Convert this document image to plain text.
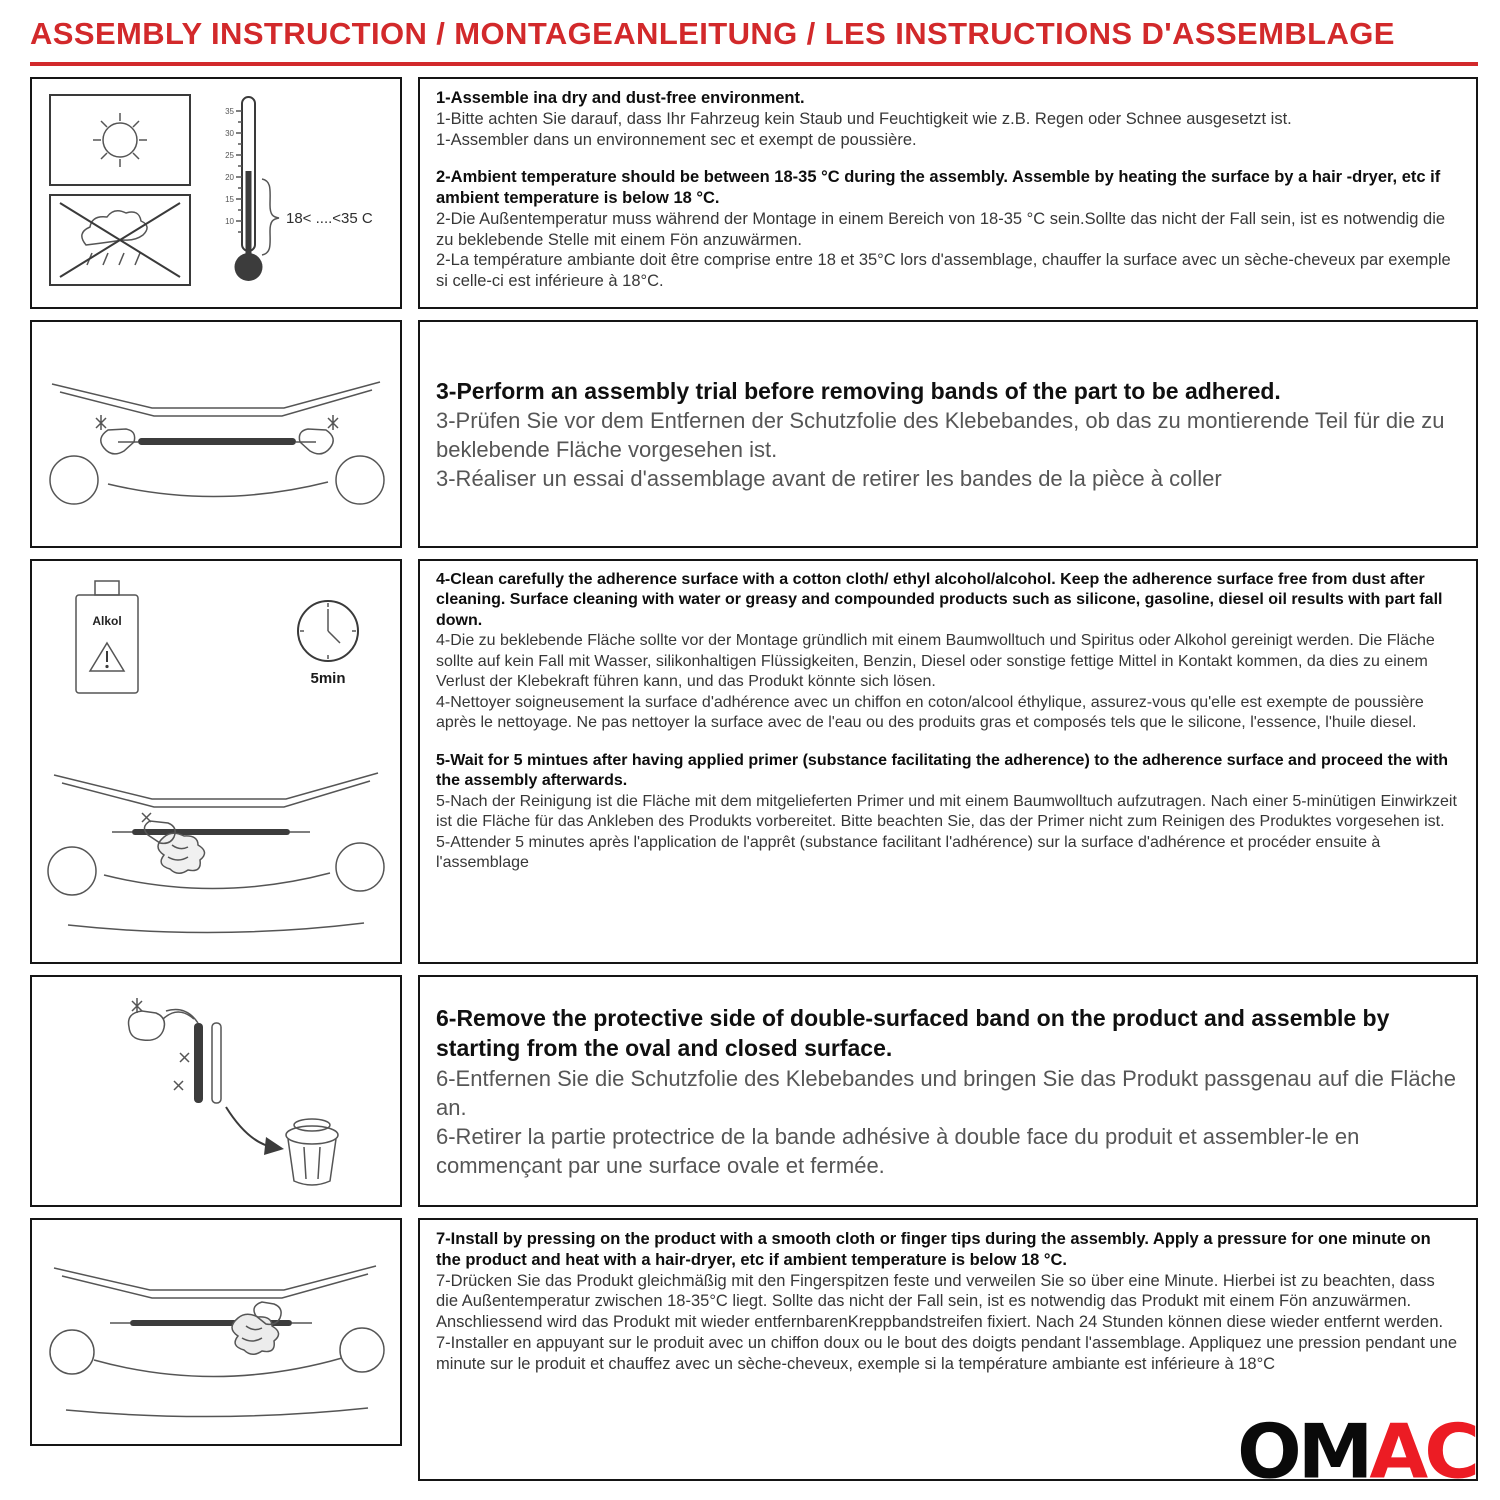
ASSEMBLY INSTRUCTION / MONTAGEANLEITUNG / LES INSTRUCTIONS D'ASSEMBLAGE
35
30
25
20
15
10	18< ....<35 C

1-Assemble ina dry and dust-free environment.

1-Bitte achten Sie darauf, dass Ihr Fahrzeug kein Staub und Feuchtigkeit wie z.B. Regen oder Schnee ausgesetzt ist.

1-Assembler dans un environnement sec et exempt de poussière.

2-Ambient temperature should be between 18-35 °C during the assembly. Assemble by heating the surface by a hair -dryer, etc if ambient temperature is below 18 °C.

2-Die Außentemperatur muss während der Montage in einem Bereich von 18-35 °C sein.Sollte das nicht der Fall sein, ist es notwendig die zu beklebende Stelle mit einem Fön anzuwärmen.

2-La température ambiante doit être comprise entre 18 et 35°C lors d'assemblage, chauffer la surface avec un sèche-cheveux par exemple si celle-ci est inférieure à 18°C.

3-Perform an assembly trial before removing bands of the part to be adhered.

3-Prüfen Sie vor dem Entfernen der Schutzfolie des Klebebandes, ob das zu montierende Teil für die zu beklebende Fläche vorgesehen ist.

3-Réaliser un essai d'assemblage avant de retirer les bandes de la pièce à coller

Alkol
5min

4-Clean carefully the adherence surface with a cotton cloth/ ethyl alcohol/alcohol. Keep the adherence surface free from dust after cleaning. Surface cleaning with water or greasy and compounded products such as silicone, gasoline, diesel oil results with part fall down.

4-Die zu beklebende Fläche sollte vor der Montage gründlich mit einem Baumwolltuch und Spiritus oder Alkohol gereinigt werden. Die Fläche sollte auf kein Fall mit Wasser, silikonhaltigen Flüssigkeiten, Benzin, Diesel oder sonstige fettige Mittel in Kontakt kommen, da dies zu einem Verlust der Klebekraft führen kann, und das Produkt könnte sich lösen.

4-Nettoyer soigneusement la surface d'adhérence avec un chiffon en coton/alcool éthylique, assurez-vous qu'elle est exempte de poussière après le nettoyage. Ne pas nettoyer la surface avec de l'eau ou des produits gras et composés tels que le silicone, l'essence, l'huile diesel.

5-Wait for 5 mintues after having applied primer (substance facilitating the adherence) to the adherence surface and proceed the with the assembly afterwards.

5-Nach der Reinigung ist die Fläche mit dem mitgelieferten Primer und mit einem Baumwolltuch aufzutragen. Nach einer 5-minütigen Einwirkzeit ist die Fläche für das Ankleben des Produkts vorbereitet. Bitte beachten Sie, das der Primer nicht zum Reinigen des Produktes vorgesehen ist.

5-Attender 5 minutes après l'application de l'apprêt (substance facilitant l'adhérence) sur la surface d'adhérence et procéder ensuite à l'assemblage

6-Remove the protective side of double-surfaced band on the product and assemble by starting from the oval and closed surface.

6-Entfernen Sie die Schutzfolie des Klebebandes und bringen Sie das Produkt passgenau auf die Fläche an.

6-Retirer la partie protectrice de la bande adhésive à double face du produit et assembler-le en commençant par une surface ovale et fermée.

7-Install by pressing on the product with a smooth cloth or finger tips during the assembly. Apply a pressure for one minute on the product and heat with a hair-dryer, etc if ambient temperature is below 18 °C.

7-Drücken Sie das Produkt gleichmäßig mit den Fingerspitzen feste und verweilen Sie so über eine Minute. Hierbei ist zu beachten, dass die Außentemperatur zwischen 18-35°C liegt. Sollte das nicht der Fall sein, ist es notwendig das Produkt mit einem Fön anzuwärmen. Anschliessend wird das Produkt mit wieder entfernbarenKreppbandstreifen fixiert. Nach 24 Stunden können diese wieder entfernt werden.

7-Installer en appuyant sur le produit avec un chiffon doux ou le bout des doigts pendant l'assemblage. Appliquez une pression pendant une minute sur le produit et chauffez avec un sèche-cheveux, exemple si la température ambiante est inférieure à 18°C

OMAC
